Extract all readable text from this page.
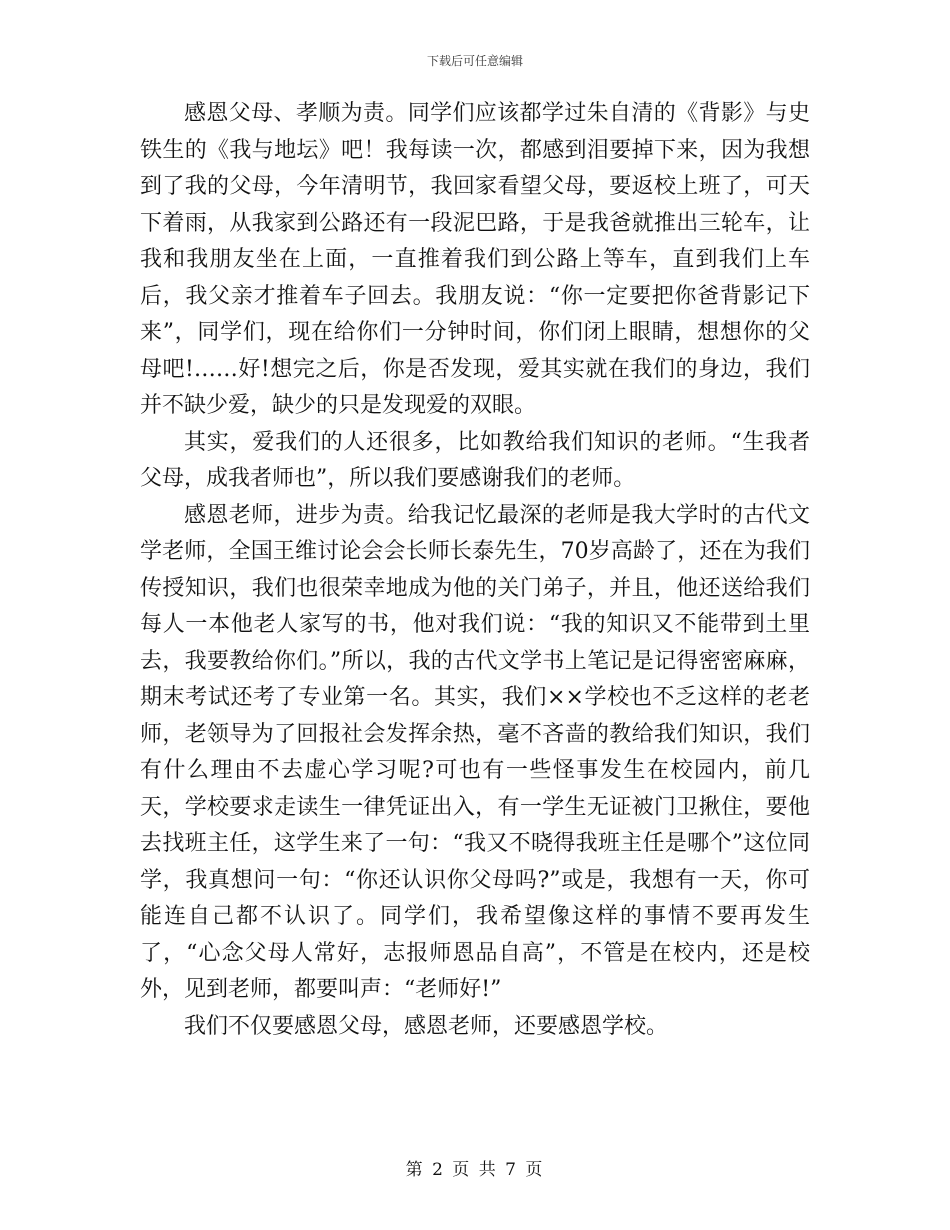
下载后可任意编辑

感恩父母、孝顺为责。同学们应该都学过朱自清的《背影》与史铁生的《我与地坛》吧！我每读一次，都感到泪要掉下来，因为我想到了我的父母，今年清明节，我回家看望父母，要返校上班了，可天下着雨，从我家到公路还有一段泥巴路，于是我爸就推出三轮车，让我和我朋友坐在上面，一直推着我们到公路上等车，直到我们上车后，我父亲才推着车子回去。我朋友说：“你一定要把你爸背影记下来”，同学们，现在给你们一分钟时间，你们闭上眼睛，想想你的父母吧!……好!想完之后，你是否发现，爱其实就在我们的身边，我们并不缺少爱，缺少的只是发现爱的双眼。

其实，爱我们的人还很多，比如教给我们知识的老师。“生我者父母，成我者师也”，所以我们要感谢我们的老师。

感恩老师，进步为责。给我记忆最深的老师是我大学时的古代文学老师，全国王维讨论会会长师长泰先生，70岁高龄了，还在为我们传授知识，我们也很荣幸地成为他的关门弟子，并且，他还送给我们每人一本他老人家写的书，他对我们说：“我的知识又不能带到土里去，我要教给你们。”所以，我的古代文学书上笔记是记得密密麻麻，期末考试还考了专业第一名。其实，我们××学校也不乏这样的老老师，老领导为了回报社会发挥余热，毫不吝啬的教给我们知识，我们有什么理由不去虚心学习呢?可也有一些怪事发生在校园内，前几天，学校要求走读生一律凭证出入，有一学生无证被门卫揪住，要他去找班主任，这学生来了一句：“我又不晓得我班主任是哪个”这位同学，我真想问一句：“你还认识你父母吗?”或是，我想有一天，你可能连自己都不认识了。同学们，我希望像这样的事情不要再发生了，“心念父母人常好，志报师恩品自高”，不管是在校内，还是校外，见到老师，都要叫声：“老师好!”

我们不仅要感恩父母，感恩老师，还要感恩学校。

第 2 页 共 7 页
